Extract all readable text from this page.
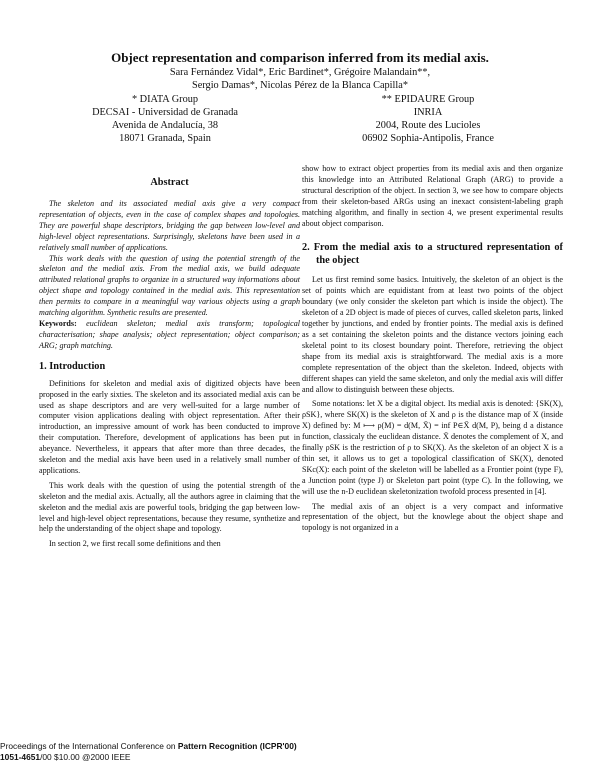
Object representation and comparison inferred from its medial axis.
Sara Fernández Vidal*, Eric Bardinet*, Grégoire Malandain**,
Sergio Damas*, Nicolas Pérez de la Blanca Capilla*
* DIATA Group
DECSAI - Universidad de Granada
Avenida de Andalucía, 38
18071 Granada, Spain
** EPIDAURE Group
INRIA
2004, Route des Lucioles
06902 Sophia-Antipolis, France
Abstract

The skeleton and its associated medial axis give a very compact representation of objects, even in the case of complex shapes and topologies. They are powerful shape descriptors, bridging the gap between low-level and high-level object representations. Surprisingly, skeletons have been used in a relatively small number of applications.

This work deals with the question of using the potential strength of the skeleton and the medial axis. From the medial axis, we build adequate attributed relational graphs to organize in a structured way informations about object shape and topology contained in the medial axis. This representation then permits to compare in a meaningful way various objects using a graph matching algorithm. Synthetic results are presented.

Keywords: euclidean skeleton; medial axis transform; topological characterisation; shape analysis; object representation; object comparison; ARG; graph matching.

1. Introduction

Definitions for skeleton and medial axis of digitized objects have been proposed in the early sixties. The skeleton and its associated medial axis can be used as shape descriptors and are very well-suited for a large number of computer vision applications dealing with object representation. After their introduction, an impressive amount of work has been conducted to improve their computation. Therefore, development of applications has been put in abeyance. Nevertheless, it appears that after more than three decades, the skeleton and the medial axis have been used in a relatively small number of applications.

This work deals with the question of using the potential strength of the skeleton and the medial axis. Actually, all the authors agree in claiming that the skeleton and the medial axis are powerful tools, bridging the gap between low-level and high-level object representations, because they resume, synthetize and help the understanding of the object shape and topology.

In section 2, we first recall some definitions and then

show how to extract object properties from its medial axis and then organize this knowledge into an Attributed Relational Graph (ARG) to provide a structural description of the object. In section 3, we see how to compare objects from their skeleton-based ARGs using an inexact consistent-labeling graph matching algorithm, and finally in section 4, we present experimental results about object comparison.

2. From the medial axis to a structured representation of the object

Let us first remind some basics. Intuitively, the skeleton of an object is the set of points which are equidistant from at least two points of the object boundary (we only consider the skeleton part which is inside the object). The skeleton of a 2D object is made of pieces of curves, called skeleton parts, linked together by junctions, and ended by frontier points. The medial axis is defined as a set containing the skeleton points and the distance vectors joining each skeletal point to its closest boundary point. Therefore, retrieving the object shape from its medial axis is straightforward. The medial axis is a more complete representation of the object than the skeleton. Indeed, objects with different shapes can yield the same skeleton, and only the medial axis will differ and allow to distinguish between these objects.

Some notations: let X be a digital object. Its medial axis is denoted: {SK(X), ρSK}, where SK(X) is the skeleton of X and ρ is the distance map of X (inside X) defined by: M ⟼ ρ(M) = d(M, X̄) = inf P∈X̄ d(M, P), being d a distance function, classicaly the euclidean distance. X̄ denotes the complement of X, and finally ρSK is the restriction of ρ to SK(X). As the skeleton of an object X is a thin set, it allows us to get a topological classification of SK(X), denoted SKc(X): each point of the skeleton will be labelled as a Frontier point (type F), a Junction point (type J) or Skeleton part point (type C). In the following, we will use the n-D euclidean skeletonization twofold process presented in [4].

The medial axis of an object is a very compact and informative representation of the object, but the knowlege about the object shape and topology is not organized in a

Proceedings of the International Conference on Pattern Recognition (ICPR'00)
1051-4651/00 $10.00 @2000 IEEE
